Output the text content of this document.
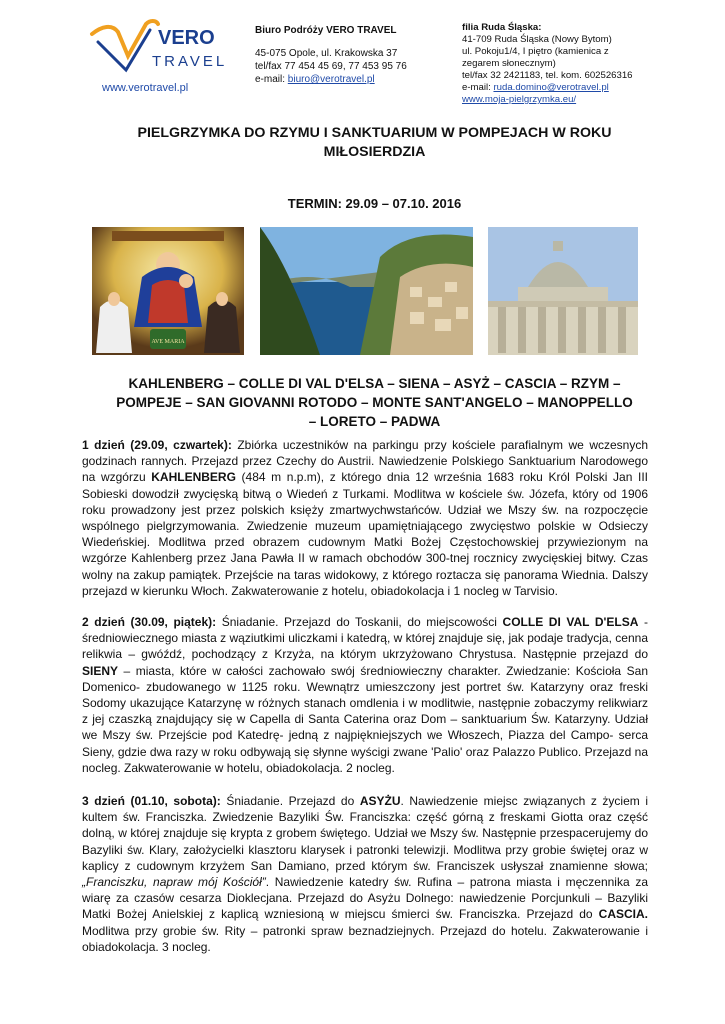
VERO
TRAVEL
www.verotravel.pl
Biuro Podróży VERO TRAVEL
45-075 Opole, ul. Krakowska 37
tel/fax 77 454 45 69, 77 453 95 76
e-mail: biuro@verotravel.pl
filia Ruda Śląska:
41-709 Ruda Śląska (Nowy Bytom)
ul. Pokoju1/4, I piętro (kamienica z
zegarem słonecznym)
tel/fax 32 2421183, tel. kom. 602526316
e-mail: ruda.domino@verotravel.pl
www.moja-pielgrzymka.eu/
PIELGRZYMKA DO RZYMU I SANKTUARIUM W POMPEJACH W ROKU
MIŁOSIERDZIA
TERMIN: 29.09 – 07.10. 2016
AVE MARIA
KAHLENBERG – COLLE DI VAL D'ELSA – SIENA – ASYŻ – CASCIA – RZYM –
POMPEJE – SAN GIOVANNI ROTODO – MONTE SANT'ANGELO – MANOPPELLO
– LORETO – PADWA
1 dzień (29.09, czwartek): Zbiórka uczestników na parkingu przy kościele parafialnym we wczesnych godzinach rannych. Przejazd przez Czechy do Austrii. Nawiedzenie Polskiego Sanktuarium Narodowego na wzgórzu KAHLENBERG (484 m n.p.m), z którego dnia 12 września 1683 roku Król Polski Jan III Sobieski dowodził zwycięską bitwą o Wiedeń z Turkami. Modlitwa w kościele św. Józefa, który od 1906 roku prowadzony jest przez polskich księży zmartwychwstańców. Udział we Mszy św. na rozpoczęcie wspólnego pielgrzymowania. Zwiedzenie muzeum upamiętniającego zwycięstwo polskie w Odsieczy Wiedeńskiej. Modlitwa przed obrazem cudownym Matki Bożej Częstochowskiej przywiezionym na wzgórze Kahlenberg przez Jana Pawła II w ramach obchodów 300-tnej rocznicy zwycięskiej bitwy. Czas wolny na zakup pamiątek. Przejście na taras widokowy, z którego roztacza się panorama Wiednia. Dalszy przejazd w kierunku Włoch. Zakwaterowanie z hotelu, obiadokolacja i 1 nocleg w Tarvisio.
2 dzień (30.09, piątek): Śniadanie. Przejazd do Toskanii, do miejscowości COLLE DI VAL D'ELSA - średniowiecznego miasta z wąziutkimi uliczkami i katedrą, w której znajduje się, jak podaje tradycja, cenna relikwia – gwóźdź, pochodzący z Krzyża, na którym ukrzyżowano Chrystusa. Następnie przejazd do SIENY – miasta, które w całości zachowało swój średniowieczny charakter. Zwiedzanie: Kościoła San Domenico- zbudowanego w 1125 roku. Wewnątrz umieszczony jest portret św. Katarzyny oraz freski Sodomy ukazujące Katarzynę w różnych stanach omdlenia i w modlitwie, następnie zobaczymy relikwiarz z jej czaszką znajdujący się w Capella di Santa Caterina oraz Dom – sanktuarium Św. Katarzyny. Udział we Mszy św. Przejście pod Katedrę- jedną z najpiękniejszych we Włoszech, Piazza del Campo- serca Sieny, gdzie dwa razy w roku odbywają się słynne wyścigi zwane 'Palio' oraz Palazzo Publico. Przejazd na nocleg. Zakwaterowanie w hotelu, obiadokolacja. 2 nocleg.
3 dzień (01.10, sobota): Śniadanie. Przejazd do ASYŻU. Nawiedzenie miejsc związanych z życiem i kultem św. Franciszka. Zwiedzenie Bazyliki Św. Franciszka: część górną z freskami Giotta oraz część dolną, w której znajduje się krypta z grobem świętego. Udział we Mszy św. Następnie przespacerujemy do Bazyliki św. Klary, założycielki klasztoru klarysek i patronki telewizji. Modlitwa przy grobie świętej oraz w kaplicy z cudownym krzyżem San Damiano, przed którym św. Franciszek usłyszał znamienne słowa; „Franciszku, napraw mój Kościół”. Nawiedzenie katedry św. Rufina – patrona miasta i męczennika za wiarę za czasów cesarza Dioklecjana. Przejazd do Asyżu Dolnego: nawiedzenie Porcjunkuli – Bazyliki Matki Bożej Anielskiej z kaplicą wzniesioną w miejscu śmierci św. Franciszka. Przejazd do CASCIA. Modlitwa przy grobie św. Rity – patronki spraw beznadziejnych. Przejazd do hotelu. Zakwaterowanie i obiadokolacja. 3 nocleg.
